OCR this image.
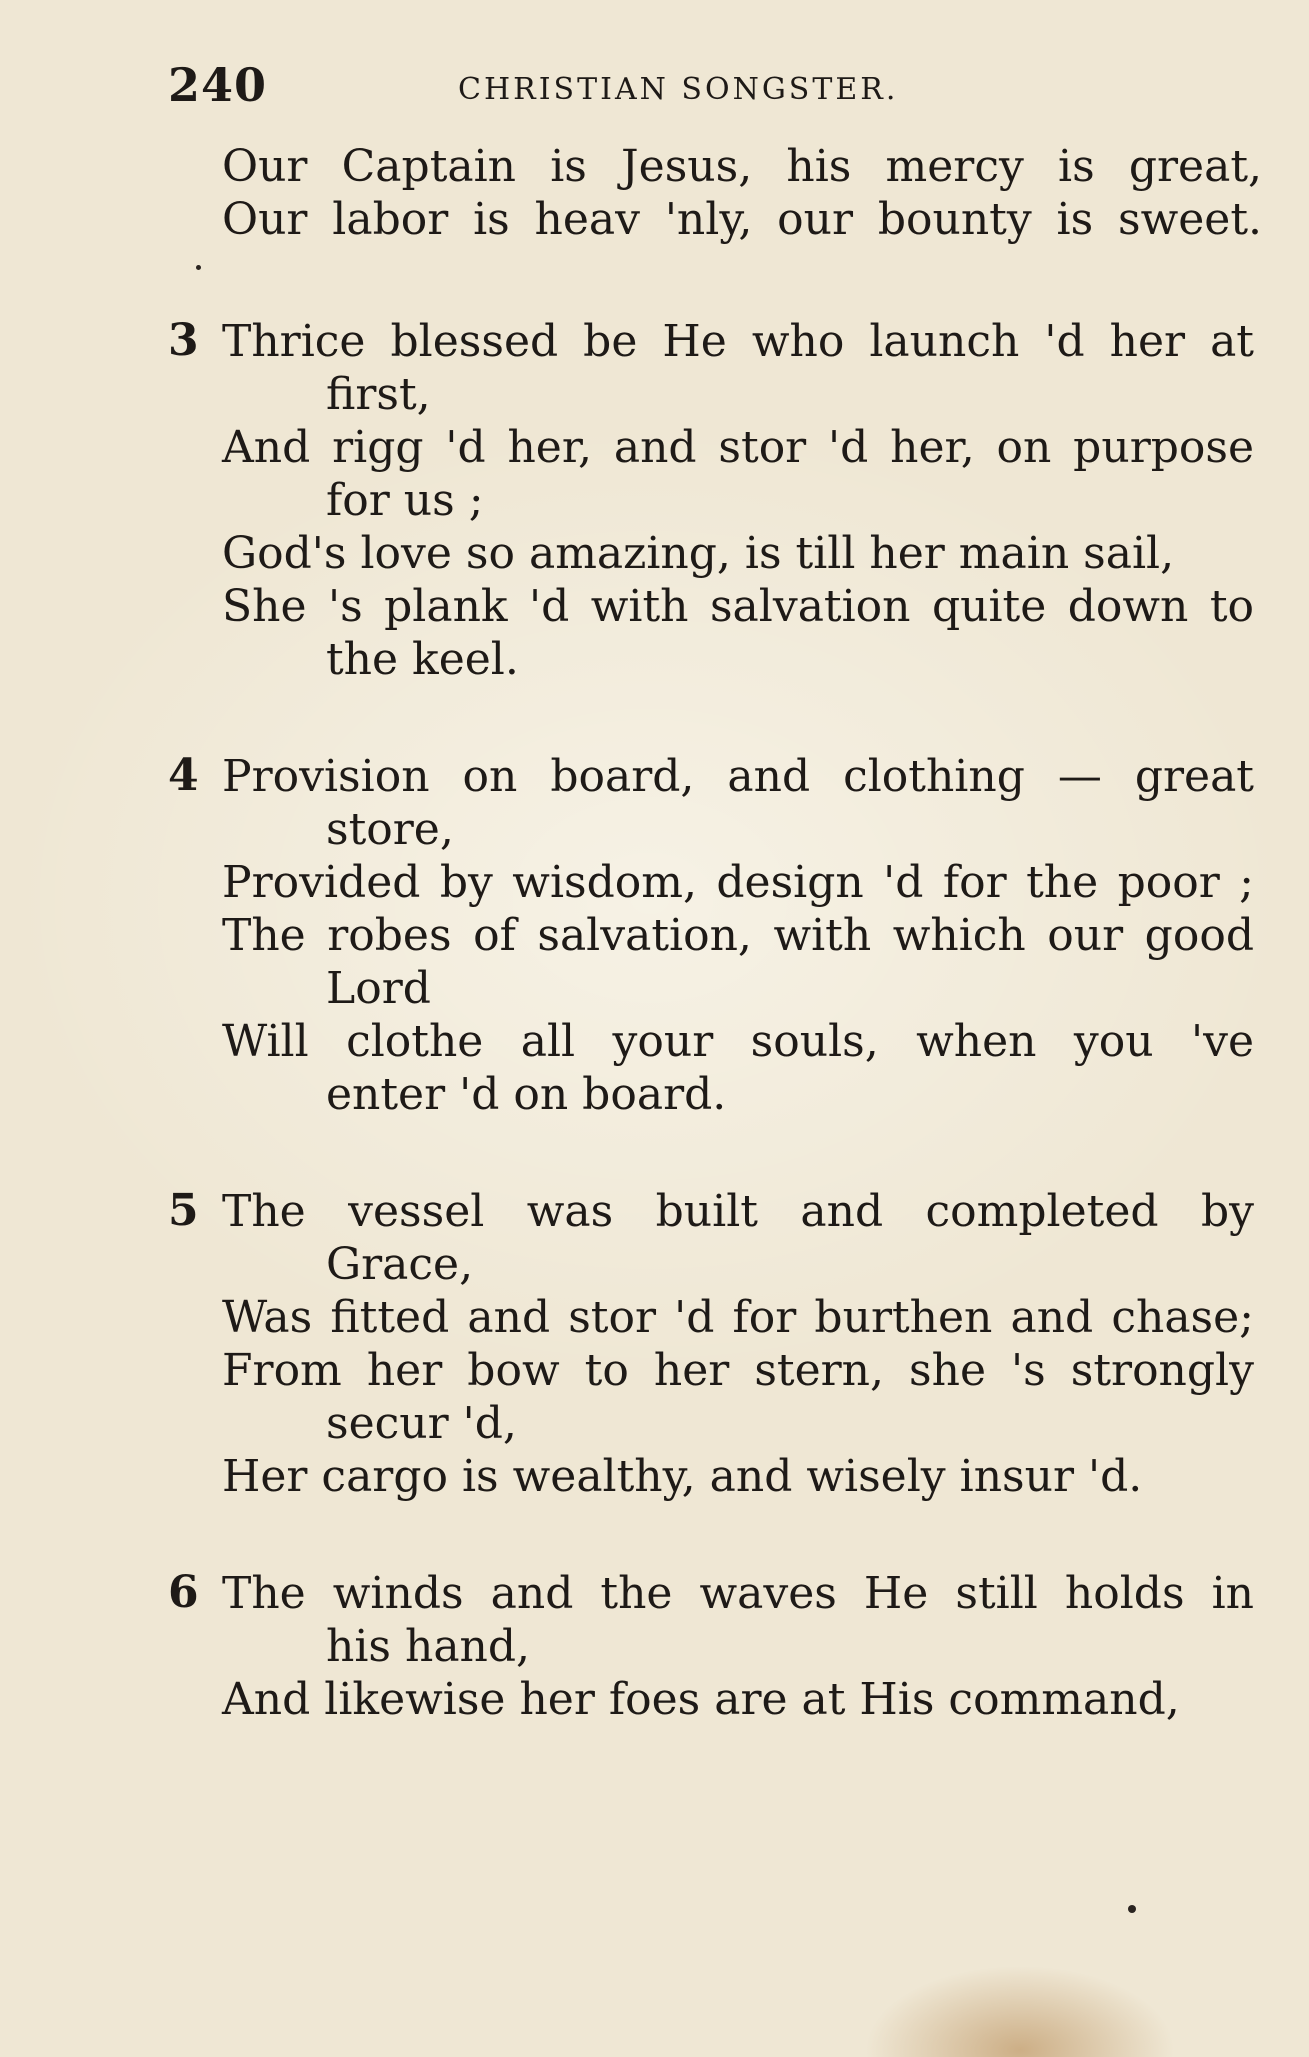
240	CHRISTIAN SONGSTER.
Our Captain is Jesus, his mercy is great,
Our labor is heav 'nly, our bounty is sweet.
3 Thrice blessed be He who launch 'd her at
first,
And rigg 'd her, and stor 'd her, on purpose
for us ;
God's love so amazing, is till her main sail,
She 's plank 'd with salvation quite down to
the keel.
4 Provision on board, and clothing — great
store,
Provided by wisdom, design 'd for the poor ;
The robes of salvation, with which our good
Lord
Will clothe all your souls, when you 've
enter 'd on board.
5 The vessel was built and completed by
Grace,
Was fitted and stor 'd for burthen and chase;
From her bow to her stern, she 's strongly
secur 'd,
Her cargo is wealthy, and wisely insur 'd.
6 The winds and the waves He still holds in
his hand,
And likewise her foes are at His command,
